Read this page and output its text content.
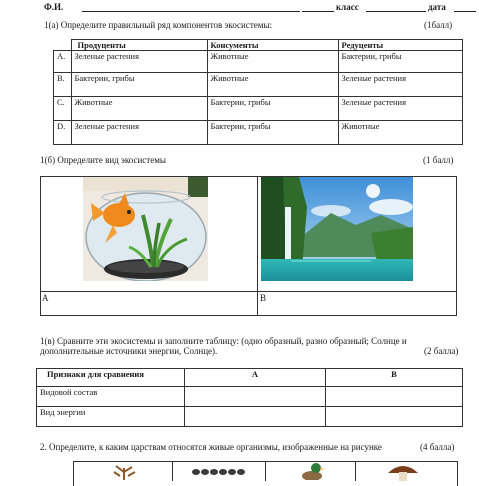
Ф.И.	класс	дата
1(а) Определите правильный ряд компонентов экосистемы:	(1балл)
	Продуценты	Консументы	Редуценты
A.	Зеленые растения	Животные	Бактерии, грибы
B.	Бактерии, грибы	Животные	Зеленые растения
C.	Животные	Бактерии, грибы	Зеленые растения
D.	Зеленые растения	Бактерии, грибы	Животные
1(б) Определите вид экосистемы	(1 балл)
A	B
1(в) Сравните эти экосистемы и заполните таблицу: (одно образный, разно образный; Солнце и
дополнительные источники энергии, Солнце).	(2 балла)
Признаки для сравнения	A	B
Видовой состав		
Вид энергии		
2. Определите, к каким царствам относятся живые организмы, изображенные на рисунке	(4 балла)
